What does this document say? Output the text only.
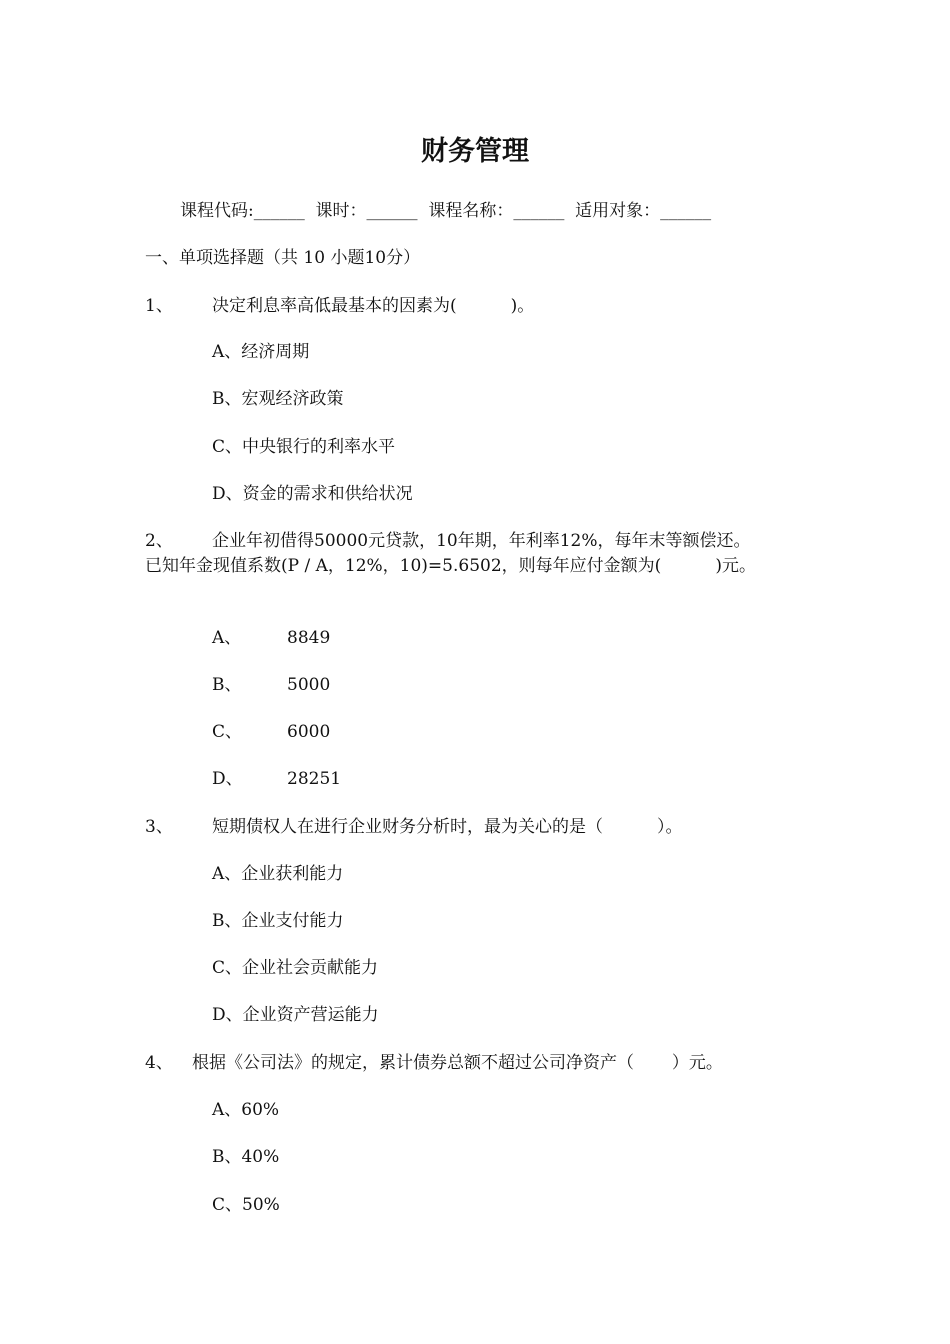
财务管理
课程代码:______  课时：______  课程名称：______  适用对象：______
一、单项选择题（共 10 小题10分）
1、 决定利息率高低最基本的因素为(          )。
A、经济周期
B、宏观经济政策
C、中央银行的利率水平
D、资金的需求和供给状况
2、 企业年初借得50000元贷款，10年期，年利率12%，每年末等额偿还。
已知年金现值系数(P / A，12%，10)=5.6502，则每年应付金额为(          )元。
A、	8849
B、	5000
C、	6000
D、	28251
3、 短期债权人在进行企业财务分析时，最为关心的是（          ）。
A、企业获利能力
B、企业支付能力
C、企业社会贡献能力
D、企业资产营运能力
4、 根据《公司法》的规定，累计债券总额不超过公司净资产（       ）元。
A、60%
B、40%
C、50%
